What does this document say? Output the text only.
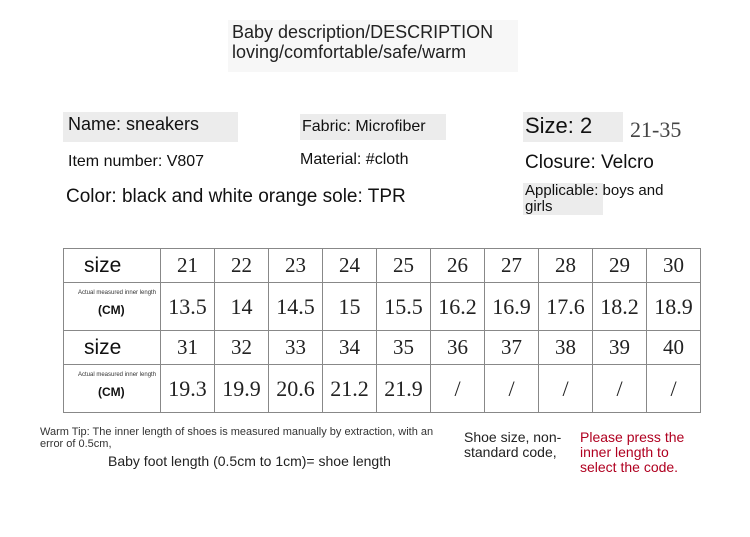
Baby description/DESCRIPTION
loving/comfortable/safe/warm
Name: sneakers
Item number: V807
Color: black and white orange sole: TPR
Fabric: Microfiber
Material: #cloth
Size: 2 21-35
Closure: Velcro
Applicable: boys and girls
size	21	22	23	24	25	26	27	28	29	30

Actual measured inner length
(CM)	13.5	14	14.5	15	15.5	16.2	16.9	17.6	18.2	18.9
size	31	32	33	34	35	36	37	38	39	40

Actual measured inner length
(CM)	19.3	19.9	20.6	21.2	21.9	/	/	/	/	/
Warm Tip: The inner length of shoes is measured manually by extraction, with an error of 0.5cm,
Baby foot length (0.5cm to 1cm)= shoe length
Shoe size, non-standard code,
Please press the inner length to select the code.
